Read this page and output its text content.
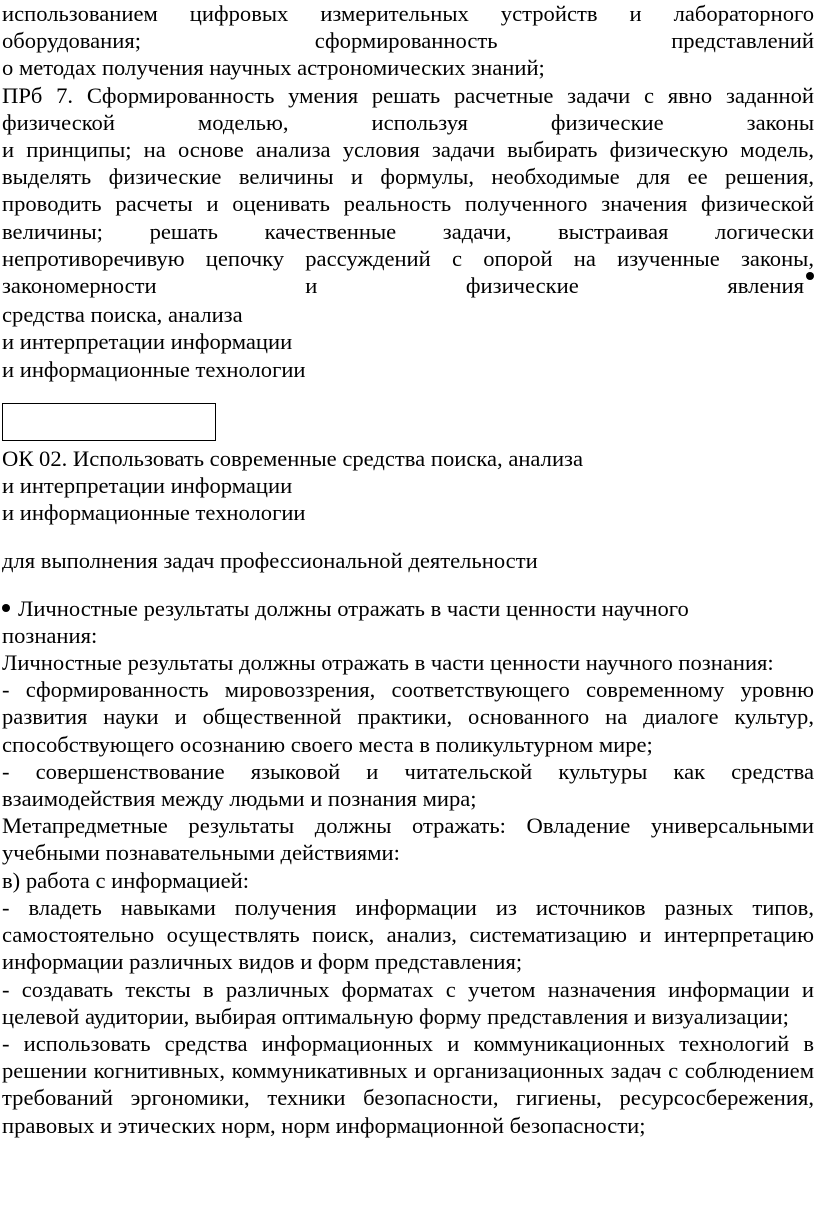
использованием цифровых измерительных устройств и лабораторного
оборудования; сформированность представлений
о методах получения научных астрономических знаний;

ПРб 7. Сформированность умения решать расчетные задачи с явно заданной
физической моделью, используя физические законы
и принципы; на основе анализа условия задачи выбирать физическую модель,
выделять физические величины и формулы, необходимые для ее решения,
проводить расчеты и оценивать реальность полученного значения физической
величины; решать качественные задачи, выстраивая логически
непротиворечивую цепочку рассуждений с опорой на изученные законы,
закономерности и физические явления

средства поиска, анализа
и интерпретации информации
и информационные технологии

ОК 02. Использовать современные средства поиска, анализа
и интерпретации информации
и информационные технологии

для выполнения задач профессиональной деятельности

Личностные результаты должны отражать в части ценности научного
познания:

Личностные результаты должны отражать в части ценности научного познания:

- сформированность мировоззрения, соответствующего современному уровню развития науки и общественной практики, основанного на диалоге культур, способствующего осознанию своего места в поликультурном мире;

- совершенствование языковой и читательской культуры как средства взаимодействия между людьми и познания мира;

Метапредметные результаты должны отражать: Овладение универсальными учебными познавательными действиями:

в) работа с информацией:

- владеть навыками получения информации из источников разных типов, самостоятельно осуществлять поиск, анализ, систематизацию и интерпретацию информации различных видов и форм представления;

- создавать тексты в различных форматах с учетом назначения информации и целевой аудитории, выбирая оптимальную форму представления и визуализации;

- использовать средства информационных и коммуникационных технологий в решении когнитивных, коммуникативных и организационных задач с соблюдением требований эргономики, техники безопасности, гигиены, ресурсосбережения, правовых и этических норм, норм информационной безопасности;
